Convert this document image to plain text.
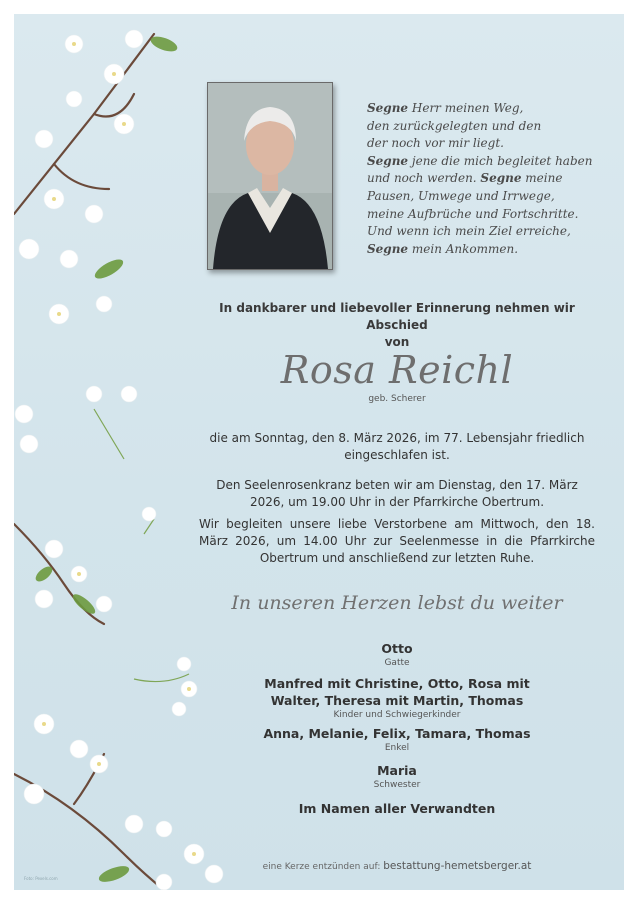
Segne Herr meinen Weg,
den zurückgelegten und den
der noch vor mir liegt.
Segne jene die mich begleitet haben
und noch werden. Segne meine
Pausen, Umwege und Irrwege,
meine Aufbrüche und Fortschritte.
Und wenn ich mein Ziel erreiche,
Segne mein Ankommen.
In dankbarer und liebevoller Erinnerung nehmen wir Abschied
von
Rosa Reichl
geb. Scherer
die am Sonntag, den 8. März 2026, im 77. Lebensjahr friedlich eingeschlafen ist.
Den Seelenrosenkranz beten wir am Dienstag, den 17. März 2026, um 19.00 Uhr in der Pfarrkirche Obertrum.
Wir begleiten unsere liebe Verstorbene am Mittwoch, den 18. März 2026, um 14.00 Uhr zur Seelenmesse in die Pfarrkirche Obertrum und anschließend zur letzten Ruhe.
In unseren Herzen lebst du weiter
Otto
Gatte
Manfred mit Christine, Otto, Rosa mit Walter, Theresa mit Martin, Thomas
Kinder und Schwiegerkinder
Anna, Melanie, Felix, Tamara, Thomas
Enkel
Maria
Schwester
Im Namen aller Verwandten
eine Kerze entzünden auf: bestattung-hemetsberger.at
Foto: Pexels.com
